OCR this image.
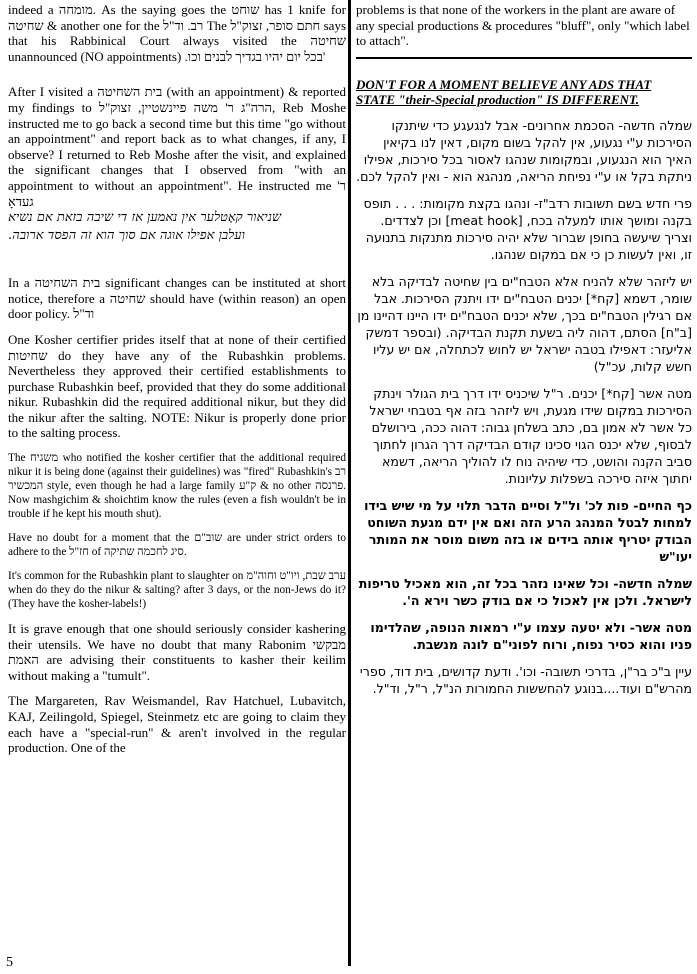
indeed a מומחה. As the saying goes the שוחט has 1 knife for שחיטה & another one for the רב. וד"ל The חתם סופר, זצוק"ל says that his Rabbinical Court always visited the שחיטה unannounced (NO appointments) .בכל יום יהיו בגדיך לבנים וכו'

After I visited a בית השחיטה (with an appointment) & reported my findings to הרה"ג ר' משה פיינשטיין, זצוק"ל, Reb Moshe instructed me to go back a second time but this time "go without an appointment" and report back as to what changes, if any, I observe? I returned to Reb Moshe after the visit, and explained the significant changes that I observed from "with an appointment to without an appointment". He instructed me ר' געדאָ

שניאור קאָטלער אין נאמען אז די שיבה בזאת אם נשיא

ועלבן אפילו אוגה אם סוך הוא זה הפסד ארובה.

In a בית השחיטה significant changes can be instituted at short notice, therefore a שחיטה should have (within reason) an open door policy. וד"ל

One Kosher certifier prides itself that at none of their certified שחיטות do they have any of the Rubashkin problems. Nevertheless they approved their certified establishments to purchase Rubashkin beef, provided that they do some additional nikur. Rubashkin did the required additional nikur, but they did the nikur after the salting. NOTE: Nikur is properly done prior to the salting process.

The משגיח who notified the kosher certifier that the additional required nikur it is being done (against their guidelines) was "fired" Rubashkin's רב המכשיר style, even though he had a large family ק"ע & no other פרנסה. Now mashgichim & shoichtim know the rules (even a fish wouldn't be in trouble if he kept his mouth shut).

Have no doubt for a moment that the שוב"ם are under strict orders to adhere to the חז"ל of סיג לחכמה שתיקה.

It's common for the Rubashkin plant to slaughter on ערב שבת, ויו"ט וחוה"מ when do they do the nikur & salting? after 3 days, or the non-Jews do it? (They have the kosher-labels!)

It is grave enough that one should seriously consider kashering their utensils. We have no doubt that many Rabonim מבקשי האמת are advising their constituents to kasher their keilim without making a "tumult".

The Margareten, Rav Weismandel, Rav Hatchuel, Lubavitch, KAJ, Zeilingold, Spiegel, Steinmetz etc are going to claim they each have a "special-run" & aren't involved in the regular production. One of the

problems is that none of the workers in the plant are aware of any special productions & procedures "bluff", only "which label to attach".

DON'T FOR A MOMENT BELIEVE ANY ADS THAT STATE "their-Special production" IS DIFFERENT.

שמלה חדשה- הסכמת אחרונים- אבל לנגעגע כדי שיתנקו הסירכות ע"י נגעוע, אין להקל בשום מקום, דאין לנו בקיאין האיך הוא הנגעוע, ובמקומות שנהגו לאסור בכל סירכות, אפילו ניתקת בקל או ע"י נפיחת הריאה, מנהגא הוא - ואין להקל לכם.

פרי חדש בשם תשובות רדב"ז- ונהגו בקצת מקומות: . . . תופס בקנה ומושך אותו למעלה בכח, [meat hook] וכן לצדדים. וצריך שיעשה בחופן שברור שלא יהיה סירכות מתנקות בתנועה זו, ואין לעשות כן כי אם במקום שנהגו.

יש ליזהר שלא להניח אלא הטבח"ים בין שחיטה לבדיקה בלא שומר, דשמא [קח*] יכנים הטבח"ים ידו ויתנק הסירכות. אבל אם רגילין הטבח"ים בכך, שלא יכנים הטבח"ים ידו היינו דהיינו מן [ב"ח] הסתם, דהוה ליה בשעת תקנת הבדיקה. (ובספר דמשק אליעזר: דאפילו בטבה ישראל יש לחוש לכתחלה, אם יש עליו חשש קלות, עכ"ל)

מטה אשר [קח*] יכנים. ר"ל שיכניס ידו דרך בית הגולר וינתק הסירכות במקום שידו מגעת, ויש ליזהר בזה אף בטבחי ישראל כל אשר לא אמון בם, כתב בשלחן גבוה: דהוה ככה, בירושלם לבסוף, שלא יכנס הגוי סכינו קודם הבדיקה דרך הגרון לחתוך סביב הקנה והושט, כדי שיהיה נוח לו להוליך הריאה, דשמא יחתוך איזה סירכה בשפלות עליונות.

כף החיים- פות לכ' ול"ל וסיים הדבר תלוי על מי שיש בידו למחות לבטל המנהג הרע הזה ואם אין ידם מגעת השוחט הבודק יטריף אותה בידים או בזה משום מוסר את המותר יעו"ש

שמלה חדשה- וכל שאינו נזהר בכל זה, הוא מאכיל טריפות לישראל. ולכן אין לאכול כי אם בודק כשר וירא ה'.

מטה אשר- ולא יטעה עצמו ע"י רמאות הנופה, שהלדימו פניו והוא כסיר נפוח, ורוח לפוני"ם לונה מנשבת.

עיין ב"כ בר"ן, בדרכי תשובה- וכו'. ודעת קדושים, בית דוד, ספרי מהרש"ם ועוד....בנוגע להחששות החמורות הנ"ל, ר"ל, וד"ל.

5
